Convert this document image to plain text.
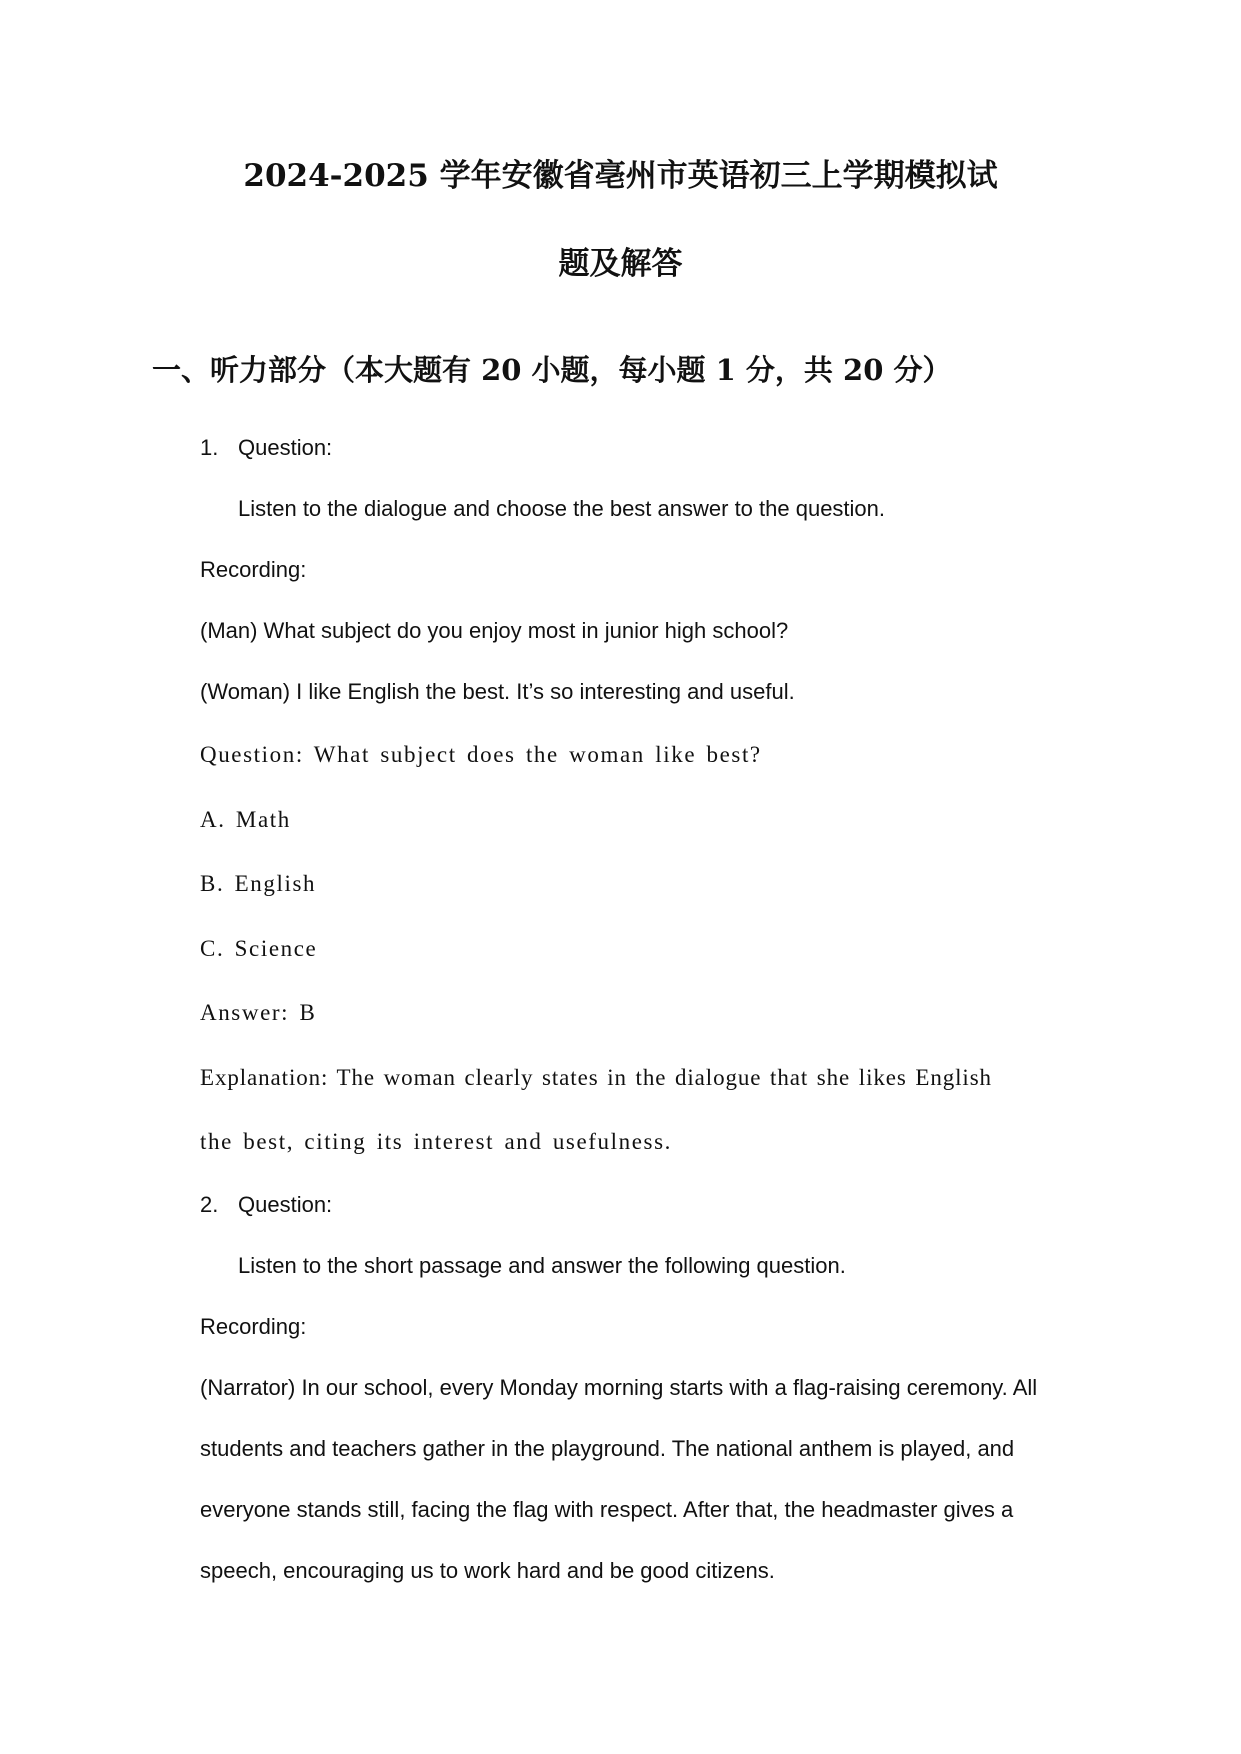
2024-2025 学年安徽省亳州市英语初三上学期模拟试
题及解答
一、听力部分（本大题有 20 小题，每小题 1 分，共 20 分）
1. Question:
Listen to the dialogue and choose the best answer to the question.
Recording:
(Man) What subject do you enjoy most in junior high school?
(Woman) I like English the best. It’s so interesting and useful.
Question: What subject does the woman like best?
A. Math
B. English
C. Science
Answer: B
Explanation: The woman clearly states in the dialogue that she likes English
the best, citing its interest and usefulness.
2. Question:
Listen to the short passage and answer the following question.
Recording:
(Narrator) In our school, every Monday morning starts with a flag-raising ceremony. All
students and teachers gather in the playground. The national anthem is played, and
everyone stands still, facing the flag with respect. After that, the headmaster gives a
speech, encouraging us to work hard and be good citizens.
